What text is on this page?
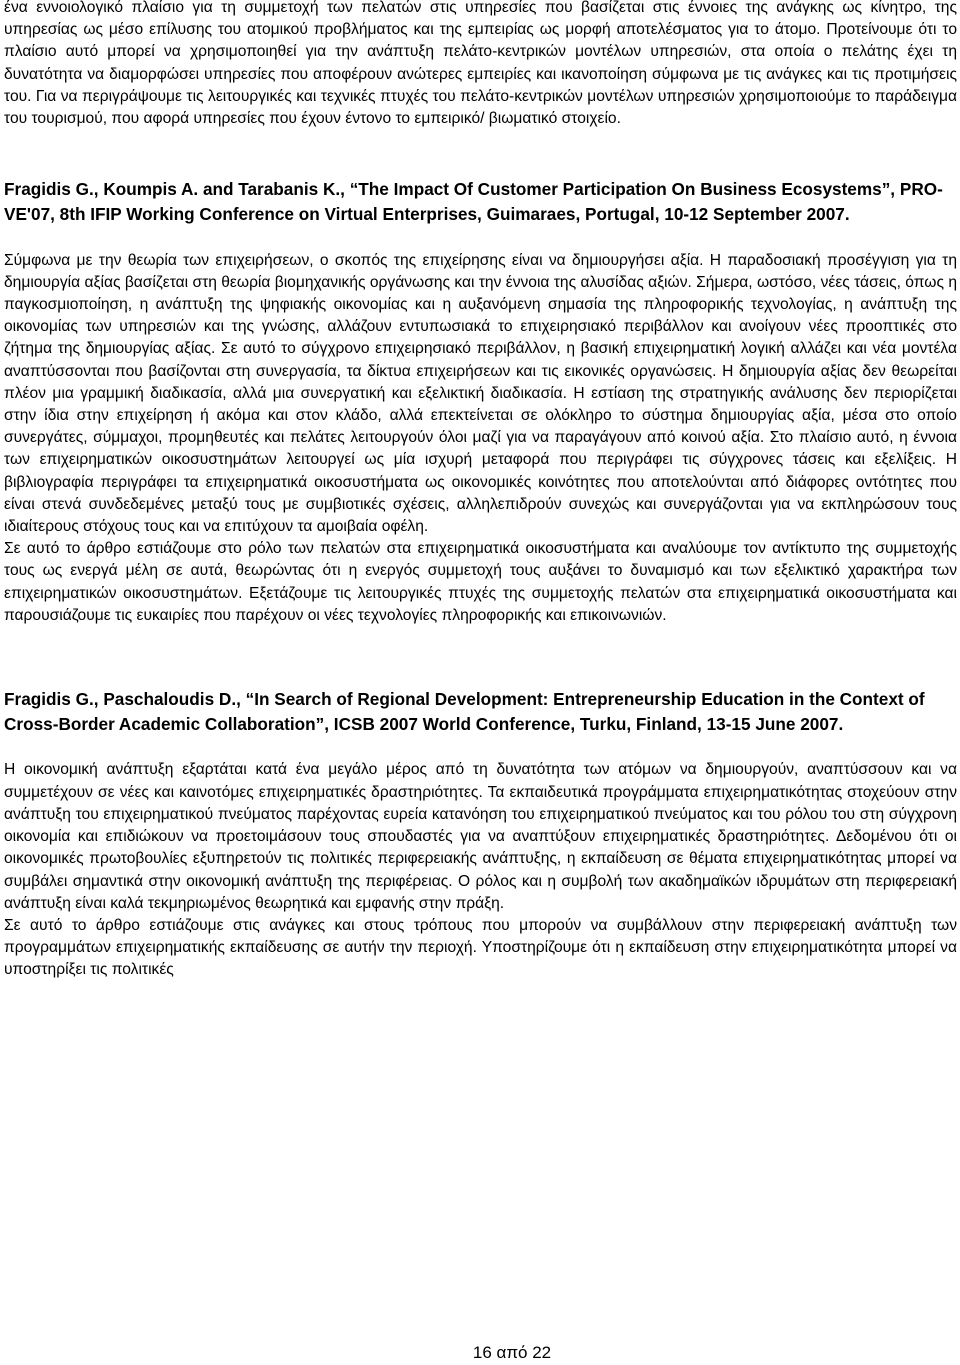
ένα εννοιολογικό πλαίσιο για τη συμμετοχή των πελατών στις υπηρεσίες που βασίζεται στις έννοιες της ανάγκης ως κίνητρο, της υπηρεσίας ως μέσο επίλυσης του ατομικού προβλήματος και της εμπειρίας ως μορφή αποτελέσματος για το άτομο. Προτείνουμε ότι το πλαίσιο αυτό μπορεί να χρησιμοποιηθεί για την ανάπτυξη πελάτο-κεντρικών μοντέλων υπηρεσιών, στα οποία ο πελάτης έχει τη δυνατότητα να διαμορφώσει υπηρεσίες που αποφέρουν ανώτερες εμπειρίες και ικανοποίηση σύμφωνα με τις ανάγκες και τις προτιμήσεις του. Για να περιγράψουμε τις λειτουργικές και τεχνικές πτυχές του πελάτο-κεντρικών μοντέλων υπηρεσιών χρησιμοποιούμε το παράδειγμα του τουρισμού, που αφορά υπηρεσίες που έχουν έντονο το εμπειρικό/ βιωματικό στοιχείο.

Fragidis G., Koumpis A. and Tarabanis K., “The Impact Of Customer Participation On Business Ecosystems”, PRO-VE'07, 8th IFIP Working Conference on Virtual Enterprises, Guimaraes, Portugal, 10-12 September 2007.

Σύμφωνα με την θεωρία των επιχειρήσεων, ο σκοπός της επιχείρησης είναι να δημιουργήσει αξία. Η παραδοσιακή προσέγγιση για τη δημιουργία αξίας βασίζεται στη θεωρία βιομηχανικής οργάνωσης και την έννοια της αλυσίδας αξιών. Σήμερα, ωστόσο, νέες τάσεις, όπως η παγκοσμιοποίηση, η ανάπτυξη της ψηφιακής οικονομίας και η αυξανόμενη σημασία της πληροφορικής τεχνολογίας, η ανάπτυξη της οικονομίας των υπηρεσιών και της γνώσης, αλλάζουν εντυπωσιακά το επιχειρησιακό περιβάλλον και ανοίγουν νέες προοπτικές στο ζήτημα της δημιουργίας αξίας. Σε αυτό το σύγχρονο επιχειρησιακό περιβάλλον, η βασική επιχειρηματική λογική αλλάζει και νέα μοντέλα αναπτύσσονται που βασίζονται στη συνεργασία, τα δίκτυα επιχειρήσεων και τις εικονικές οργανώσεις. Η δημιουργία αξίας δεν θεωρείται πλέον μια γραμμική διαδικασία, αλλά μια συνεργατική και εξελικτική διαδικασία. Η εστίαση της στρατηγικής ανάλυσης δεν περιορίζεται στην ίδια στην επιχείρηση ή ακόμα και στον κλάδο, αλλά επεκτείνεται σε ολόκληρο το σύστημα δημιουργίας αξία, μέσα στο οποίο συνεργάτες, σύμμαχοι, προμηθευτές και πελάτες λειτουργούν όλοι μαζί για να παραγάγουν από κοινού αξία. Στο πλαίσιο αυτό, η έννοια των επιχειρηματικών οικοσυστημάτων λειτουργεί ως μία ισχυρή μεταφορά που περιγράφει τις σύγχρονες τάσεις και εξελίξεις. Η βιβλιογραφία περιγράφει τα επιχειρηματικά οικοσυστήματα ως οικονομικές κοινότητες που αποτελούνται από διάφορες οντότητες που είναι στενά συνδεδεμένες μεταξύ τους με συμβιοτικές σχέσεις, αλληλεπιδρούν συνεχώς και συνεργάζονται για να εκπληρώσουν τους ιδιαίτερους στόχους τους και να επιτύχουν τα αμοιβαία οφέλη.

Σε αυτό το άρθρο εστιάζουμε στο ρόλο των πελατών στα επιχειρηματικά οικοσυστήματα και αναλύουμε τον αντίκτυπο της συμμετοχής τους ως ενεργά μέλη σε αυτά, θεωρώντας ότι η ενεργός συμμετοχή τους αυξάνει το δυναμισμό και των εξελικτικό χαρακτήρα των επιχειρηματικών οικοσυστημάτων. Εξετάζουμε τις λειτουργικές πτυχές της συμμετοχής πελατών στα επιχειρηματικά οικοσυστήματα και παρουσιάζουμε τις ευκαιρίες που παρέχουν οι νέες τεχνολογίες πληροφορικής και επικοινωνιών.

Fragidis G., Paschaloudis D., “In Search of Regional Development: Entrepreneurship Education in the Context of Cross-Border Academic Collaboration”, ICSB 2007 World Conference, Turku, Finland, 13-15 June 2007.

Η οικονομική ανάπτυξη εξαρτάται κατά ένα μεγάλο μέρος από τη δυνατότητα των ατόμων να δημιουργούν, αναπτύσσουν και να συμμετέχουν σε νέες και καινοτόμες επιχειρηματικές δραστηριότητες. Τα εκπαιδευτικά προγράμματα επιχειρηματικότητας στοχεύουν στην ανάπτυξη του επιχειρηματικού πνεύματος παρέχοντας ευρεία κατανόηση του επιχειρηματικού πνεύματος και του ρόλου του στη σύγχρονη οικονομία και επιδιώκουν να προετοιμάσουν τους σπουδαστές για να αναπτύξουν επιχειρηματικές δραστηριότητες. Δεδομένου ότι οι οικονομικές πρωτοβουλίες εξυπηρετούν τις πολιτικές περιφερειακής ανάπτυξης, η εκπαίδευση σε θέματα επιχειρηματικότητας μπορεί να συμβάλει σημαντικά στην οικονομική ανάπτυξη της περιφέρειας. Ο ρόλος και η συμβολή των ακαδημαϊκών ιδρυμάτων στη περιφερειακή ανάπτυξη είναι καλά τεκμηριωμένος θεωρητικά και εμφανής στην πράξη.

Σε αυτό το άρθρο εστιάζουμε στις ανάγκες και στους τρόπους που μπορούν να συμβάλλουν στην περιφερειακή ανάπτυξη των προγραμμάτων επιχειρηματικής εκπαίδευσης σε αυτήν την περιοχή. Υποστηρίζουμε ότι η εκπαίδευση στην επιχειρηματικότητα μπορεί να υποστηρίξει τις πολιτικές

16 από 22
